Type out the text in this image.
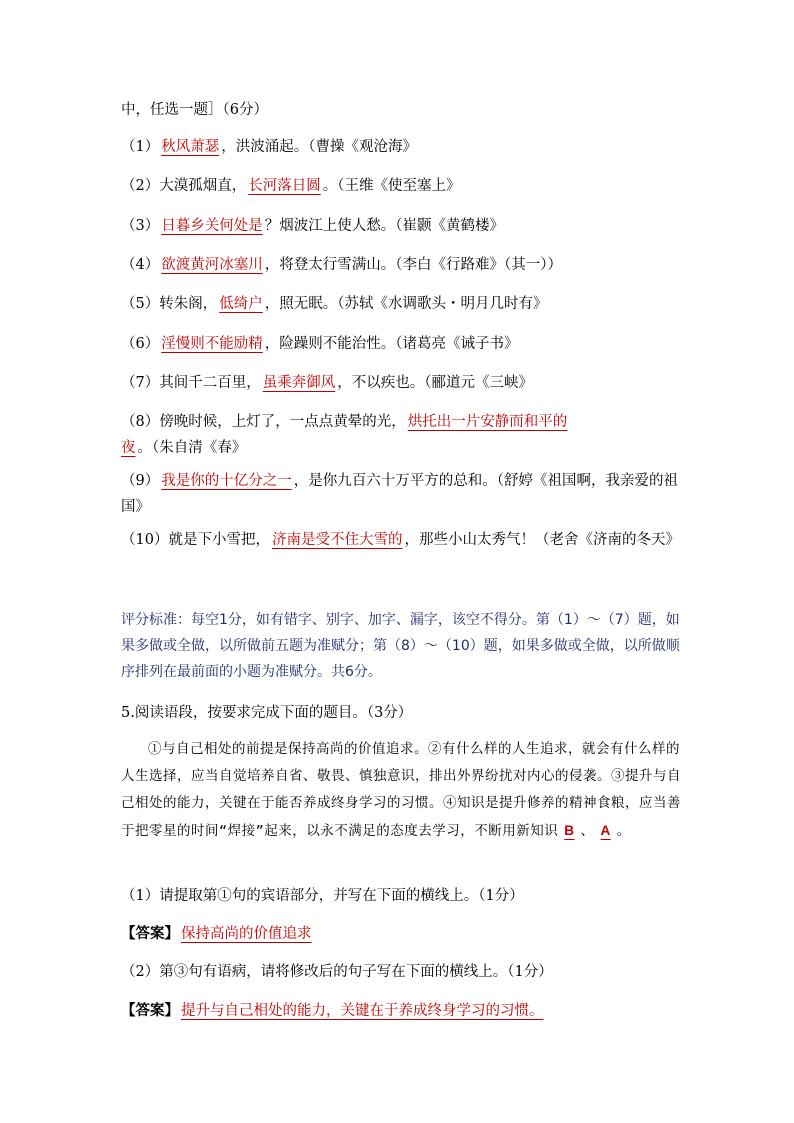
中，任选一题］（6分）
（1） 秋风萧瑟 ，洪波涌起。（曹操《观沧海》
（2）大漠孤烟直， 长河落日圆 。（王维《使至塞上》
（3） 日暮乡关何处是 ？烟波江上使人愁。（崔颢《黄鹤楼》
（4） 欲渡黄河冰塞川 ，将登太行雪满山。（李白《行路难》（其一））
（5）转朱阁， 低绮户 ，照无眠。（苏轼《水调歌头・明月几时有》
（6） 淫慢则不能励精 ，险躁则不能治性。（诸葛亮《诫子书》
（7）其间千二百里， 虽乘奔御风 ，不以疾也。（郦道元《三峡》
（8）傍晚时候，上灯了，一点点黄晕的光， 烘托出一片安静而和平的夜 。（朱自清《春》
（9） 我是你的十亿分之一 ，是你九百六十万平方的总和。（舒婷《祖国啊，我亲爱的祖国》
（10）就是下小雪把， 济南是受不住大雪的 ，那些小山太秀气！（老舍《济南的冬天》
评分标准：每空1分，如有错字、别字、加字、漏字，该空不得分。第（1）～（7）题，如果多做或全做，以所做前五题为准赋分；第（8）～（10）题，如果多做或全做，以所做顺序排列在最前面的小题为准赋分。共6分。
5.阅读语段，按要求完成下面的题目。（3分）
①与自己相处的前提是保持高尚的价值追求。②有什么样的人生追求，就会有什么样的人生选择，应当自觉培养自省、敬畏、慎独意识，排出外界纷扰对内心的侵袭。③提升与自己相处的能力，关键在于能否养成终身学习的习惯。④知识是提升修养的精神食粮，应当善于把零星的时间“焊接”起来，以永不满足的态度去学习，不断用新知识 B 、 A 。
（1）请提取第①句的宾语部分，并写在下面的横线上。（1分）
【答案】 保持高尚的价值追求
（2）第③句有语病，请将修改后的句子写在下面的横线上。（1分）
【答案】 提升与自己相处的能力，关键在于养成终身学习的习惯。
